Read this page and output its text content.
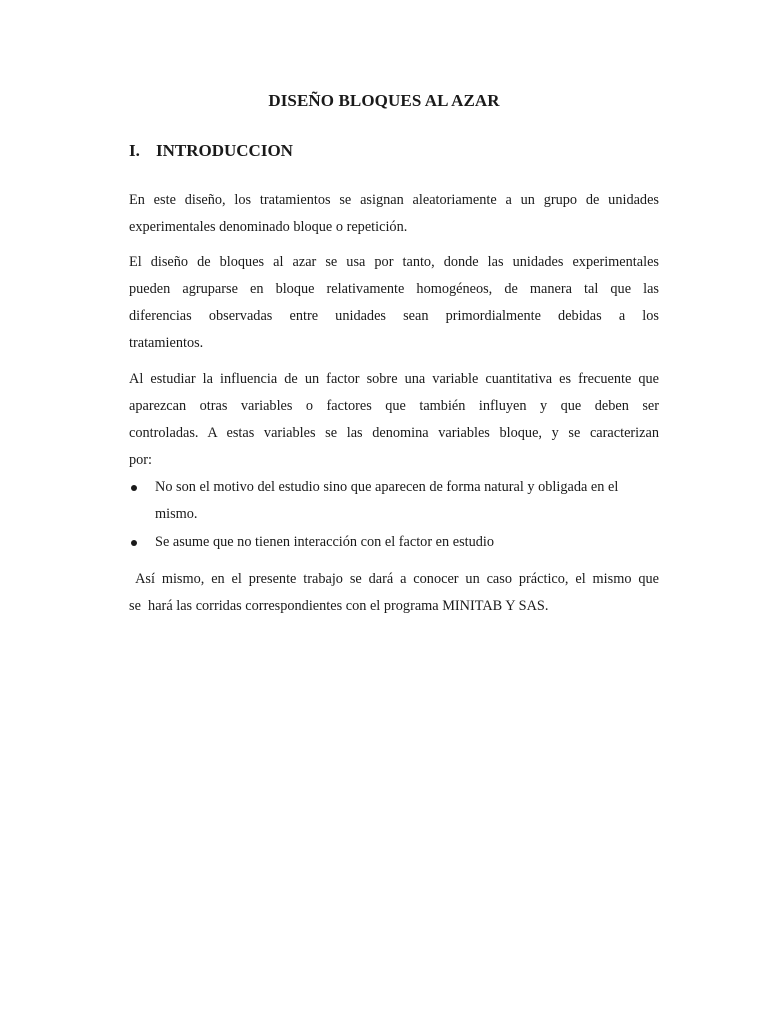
DISEÑO BLOQUES AL AZAR
I. INTRODUCCION

En este diseño, los tratamientos se asignan aleatoriamente a un grupo de unidades
experimentales denominado bloque o repetición.

El diseño de bloques al azar se usa por tanto, donde las unidades experimentales
pueden agruparse en bloque relativamente homogéneos, de manera tal que las
diferencias observadas entre unidades sean primordialmente debidas a los
tratamientos.

Al estudiar la influencia de un factor sobre una variable cuantitativa es frecuente que
aparezcan otras variables o factores que también influyen y que deben ser
controladas. A estas variables se las denomina variables bloque, y se caracterizan
por:

No son el motivo del estudio sino que aparecen de forma natural y obligada en el
mismo.
Se asume que no tienen interacción con el factor en estudio

Así mismo, en el presente trabajo se dará a conocer un caso práctico, el mismo que
se  hará las corridas correspondientes con el programa MINITAB Y SAS.
